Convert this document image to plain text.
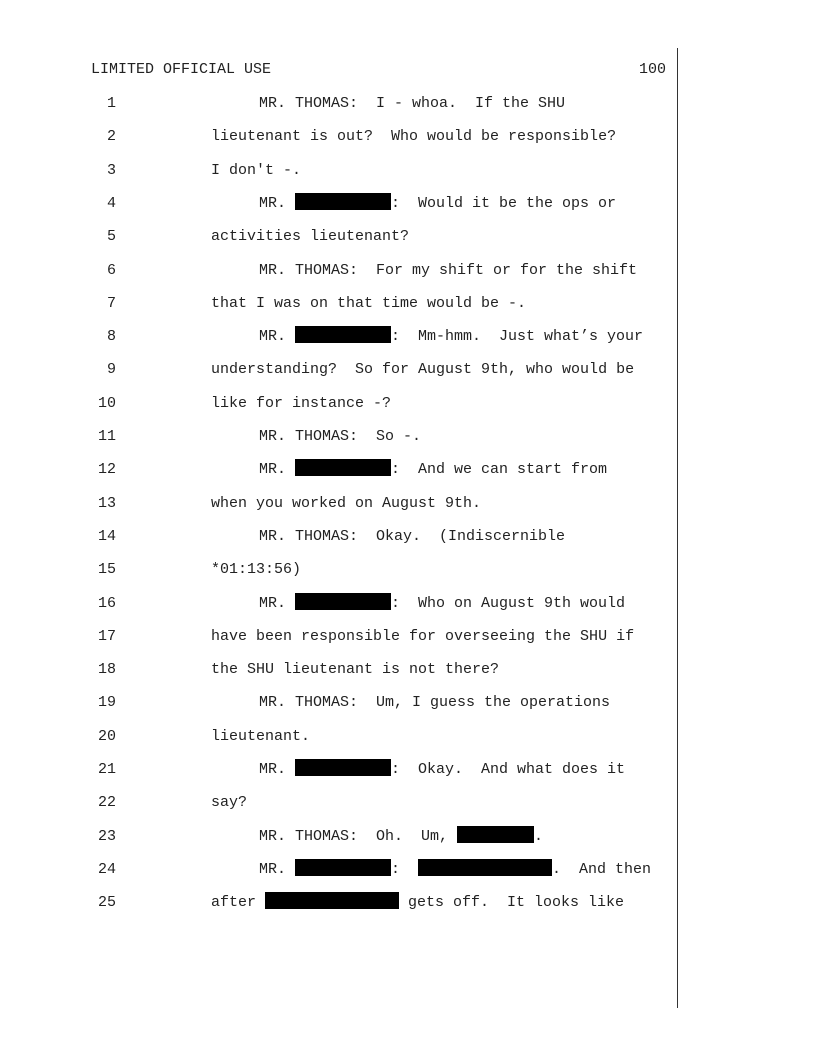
LIMITED OFFICIAL USE	100
1	MR. THOMAS:  I - whoa.  If the SHU
2	lieutenant is out?  Who would be responsible?
3	I don't -.
4	MR.	:  Would it be the ops or
5	activities lieutenant?
6	MR. THOMAS:  For my shift or for the shift
7	that I was on that time would be -.
8	MR.	:  Mm-hmm.  Just what’s your
9	understanding?  So for August 9th, who would be
10	like for instance -?
11	MR. THOMAS:  So -.
12	MR.	:  And we can start from
13	when you worked on August 9th.
14	MR. THOMAS:  Okay.  (Indiscernible
15	*01:13:56)
16	MR.	:  Who on August 9th would
17	have been responsible for overseeing the SHU if
18	the SHU lieutenant is not there?
19	MR. THOMAS:  Um, I guess the operations
20	lieutenant.
21	MR.	:  Okay.  And what does it
22	say?
23	MR. THOMAS:  Oh.  Um,	.
24	MR.	:	.  And then
25	after	gets off.  It looks like
